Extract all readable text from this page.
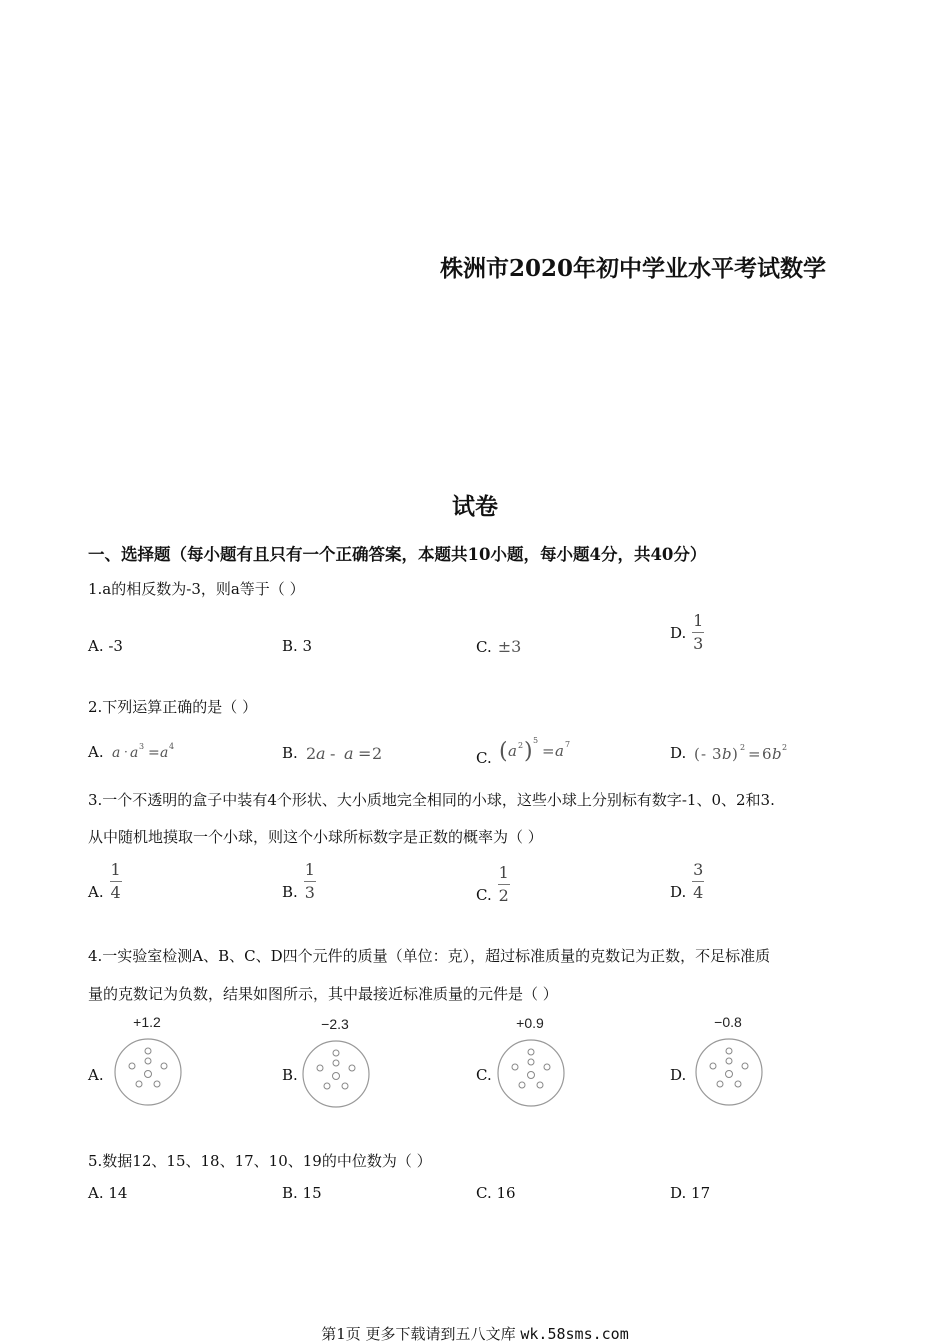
株洲市2020年初中学业水平考试数学
试卷
一、选择题（每小题有且只有一个正确答案，本题共10小题，每小题4分，共40分）
1.a的相反数为-3，则a等于（ ）
A. -3	B. 3	C. ±3
D. $\frac{1}{3}$
2.下列运算正确的是（ ）
A. a · a 3 = a 4	B. 2 a - a = 2	C. ( a 2 ) 5
= a 7	D. ( - 3 b ) 2 = 6 b 2
3.一个不透明的盒子中装有4个形状、大小质地完全相同的小球，这些小球上分别标有数字-1、0、2和3.
从中随机地摸取一个小球，则这个小球所标数字是正数的概率为（ ）
A. $\frac{1}{4}$	B. $\frac{1}{3}$	C. $\frac{1}{2}$	D. $\frac{3}{4}$
4.一实验室检测A、B、C、D四个元件的质量（单位：克），超过标准质量的克数记为正数，不足标准质
量的克数记为负数，结果如图所示，其中最接近标准质量的元件是（ ）
A.
+1.2
B.
−2.3
C.
+0.9
D.
−0.8
5.数据12、15、18、17、10、19的中位数为（ ）
A. 14	B. 15	C. 16	D. 17
第1页 更多下载请到五八文库 wk.58sms.com
